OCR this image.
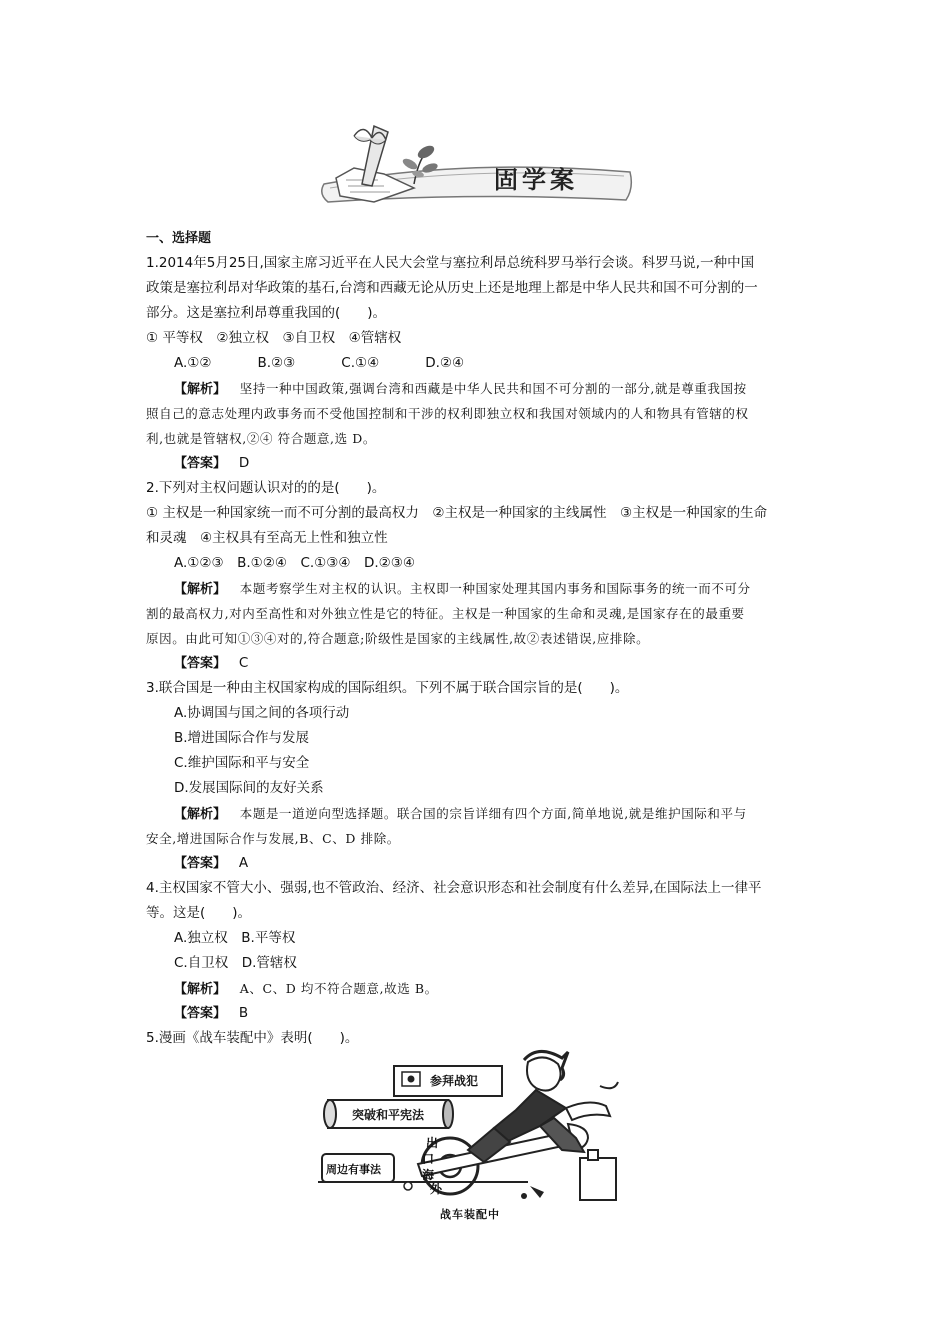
固学案
一、选择题
1.2014年5月25日,国家主席习近平在人民大会堂与塞拉利昂总统科罗马举行会谈。科罗马说,一种中国
政策是塞拉利昂对华政策的基石,台湾和西藏无论从历史上还是地理上都是中华人民共和国不可分割的一
部分。这是塞拉利昂尊重我国的(　　)。
① 平等权　②独立权　③自卫权　④管辖权
A.①②	B.②③	C.①④	D.②④
【解析】 坚持一种中国政策,强调台湾和西藏是中华人民共和国不可分割的一部分,就是尊重我国按
照自己的意志处理内政事务而不受他国控制和干涉的权利即独立权和我国对领域内的人和物具有管辖的权
利,也就是管辖权,②④ 符合题意,选 D。
【答案】 D
2.下列对主权问题认识对的的是(　　)。
① 主权是一种国家统一而不可分割的最高权力　②主权是一种国家的主线属性　③主权是一种国家的生命
和灵魂　④主权具有至高无上性和独立性
A.①②③　B.①②④　C.①③④　D.②③④
【解析】 本题考察学生对主权的认识。主权即一种国家处理其国内事务和国际事务的统一而不可分
割的最高权力,对内至高性和对外独立性是它的特征。主权是一种国家的生命和灵魂,是国家存在的最重要
原因。由此可知①③④对的,符合题意;阶级性是国家的主线属性,故②表述错误,应排除。
【答案】 C
3.联合国是一种由主权国家构成的国际组织。下列不属于联合国宗旨的是(　　)。
A.协调国与国之间的各项行动
B.增进国际合作与发展
C.维护国际和平与安全
D.发展国际间的友好关系
【解析】 本题是一道逆向型选择题。联合国的宗旨详细有四个方面,简单地说,就是维护国际和平与
安全,增进国际合作与发展,B、C、D 排除。
【答案】 A
4.主权国家不管大小、强弱,也不管政治、经济、社会意识形态和社会制度有什么差异,在国际法上一律平
等。这是(　　)。
A.独立权　B.平等权
C.自卫权　D.管辖权
【解析】 A、C、D 均不符合题意,故选 B。
【答案】 B
5.漫画《战车装配中》表明(　　)。
参拜战犯
突破和平宪法
周边有事法
出
口
海
外
战车装配中
